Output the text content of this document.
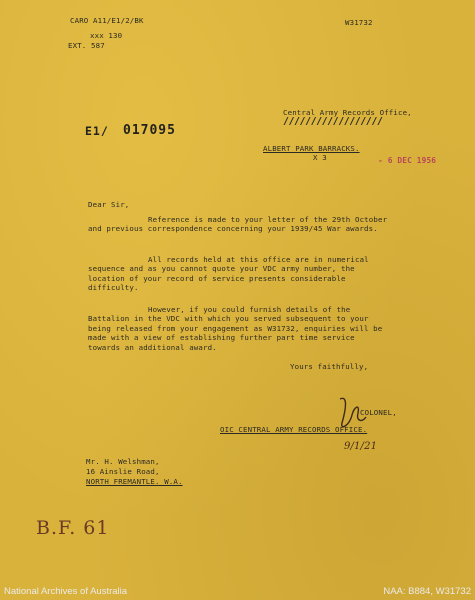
CARO A11/E1/2/BK
xxx 130
EXT. 587
W31732
Central Army Records Office,
//////////////////
E1/ 017095
ALBERT PARK BARRACKS.
X 3	- 6 DEC 1956
Dear Sir,
Reference is made to your letter of the 29th October and previous correspondence concerning your 1939/45 War awards.
All records held at this office are in numerical sequence and as you cannot quote your VDC army number, the location of your record of service presents considerable difficulty.
However, if you could furnish details of the Battalion in the VDC with which you served subsequent to your being released from your engagement as W31732, enquiries will be made with a view of establishing further part time service towards an additional award.
Yours faithfully,
COLONEL,
OIC CENTRAL ARMY RECORDS OFFICE.
9/1/21
Mr. H. Welshman,
16 Ainslie Road,
NORTH FREMANTLE. W.A.
B.F. 61
National Archives of Australia	NAA: B884, W31732
